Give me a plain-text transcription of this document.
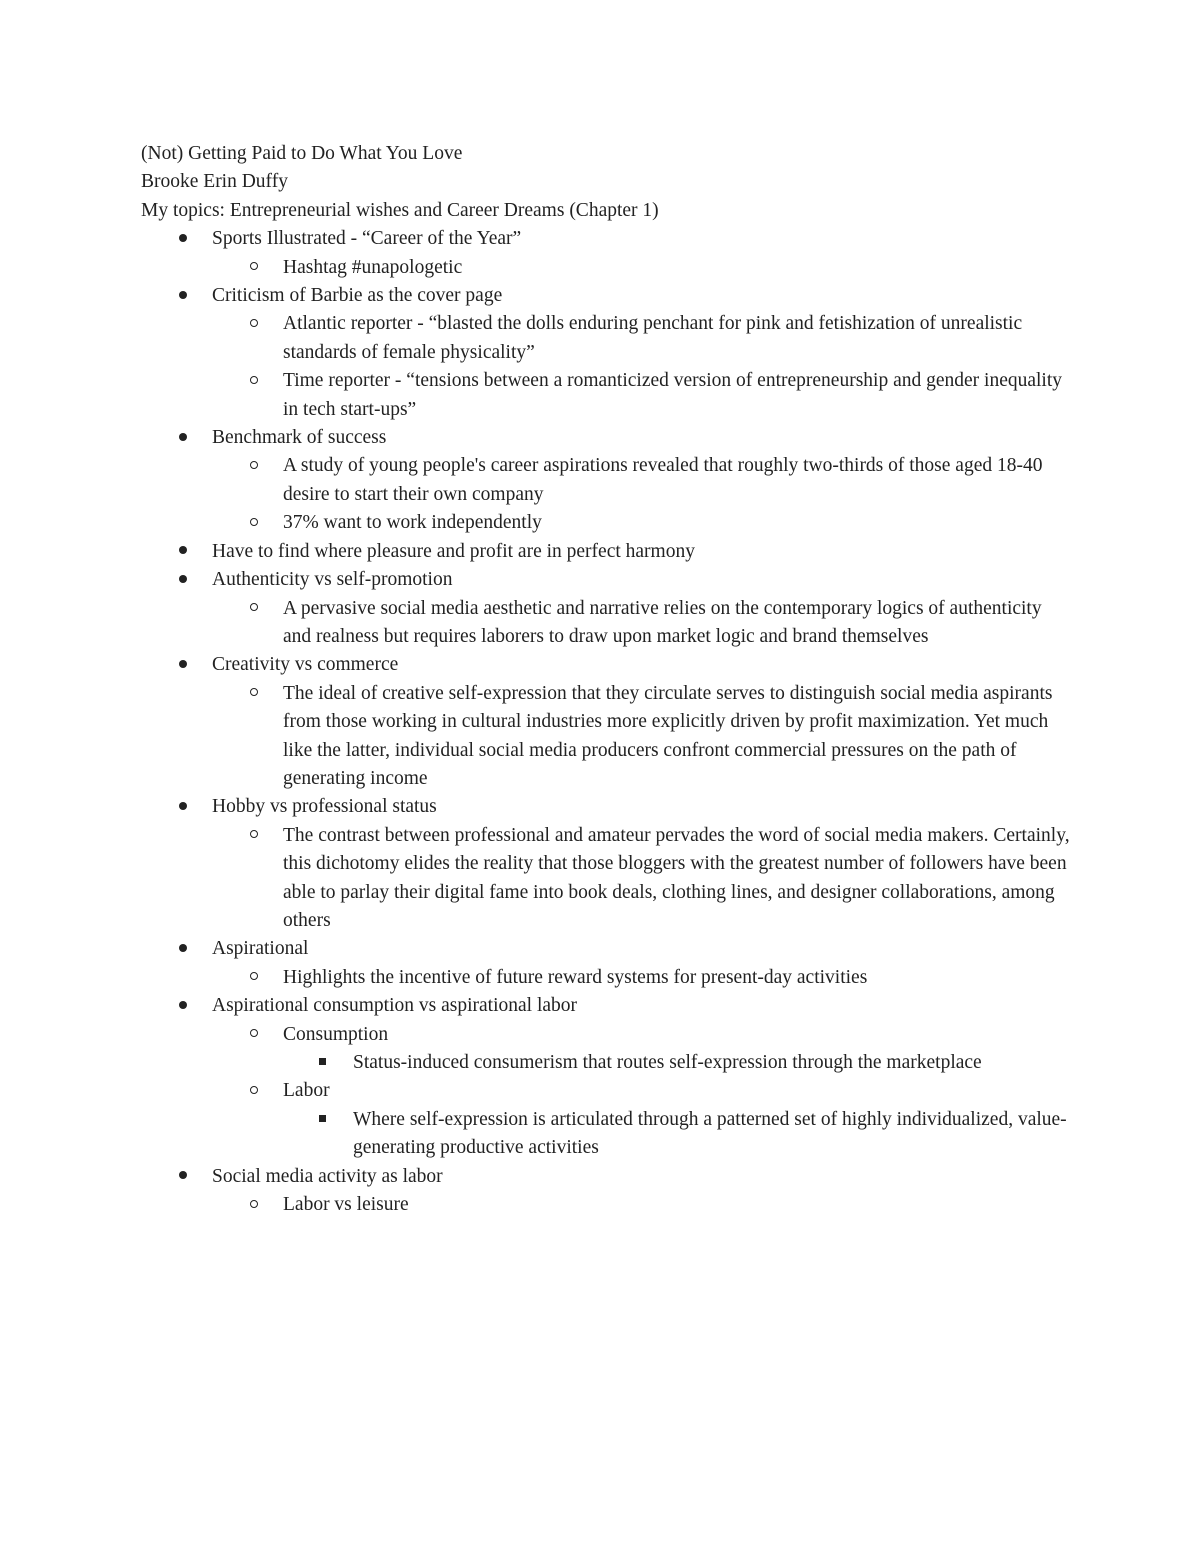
(Not) Getting Paid to Do What You Love

Brooke Erin Duffy

My topics: Entrepreneurial wishes and Career Dreams (Chapter 1)

Sports Illustrated - “Career of the Year”
Hashtag #unapologetic
Criticism of Barbie as the cover page
Atlantic reporter - “blasted the dolls enduring penchant for pink and fetishization of unrealistic standards of female physicality”
Time reporter - “tensions between a romanticized version of entrepreneurship and gender inequality in tech start-ups”
Benchmark of success
A study of young people's career aspirations revealed that roughly two-thirds of those aged 18-40 desire to start their own company
37% want to work independently
Have to find where pleasure and profit are in perfect harmony
Authenticity vs self-promotion
A pervasive social media aesthetic and narrative relies on the contemporary logics of authenticity and realness but requires laborers to draw upon market logic and brand themselves
Creativity vs commerce
The ideal of creative self-expression that they circulate serves to distinguish social media aspirants from those working in cultural industries more explicitly driven by profit maximization. Yet much like the latter, individual social media producers confront commercial pressures on the path of generating income
Hobby vs professional status
The contrast between professional and amateur pervades the word of social media makers. Certainly, this dichotomy elides the reality that those bloggers with the greatest number of followers have been able to parlay their digital fame into book deals, clothing lines, and designer collaborations, among others
Aspirational
Highlights the incentive of future reward systems for present-day activities
Aspirational consumption vs aspirational labor
Consumption
Status-induced consumerism that routes self-expression through the marketplace
Labor
Where self-expression is articulated through a patterned set of highly individualized, value-generating productive activities
Social media activity as labor
Labor vs leisure
